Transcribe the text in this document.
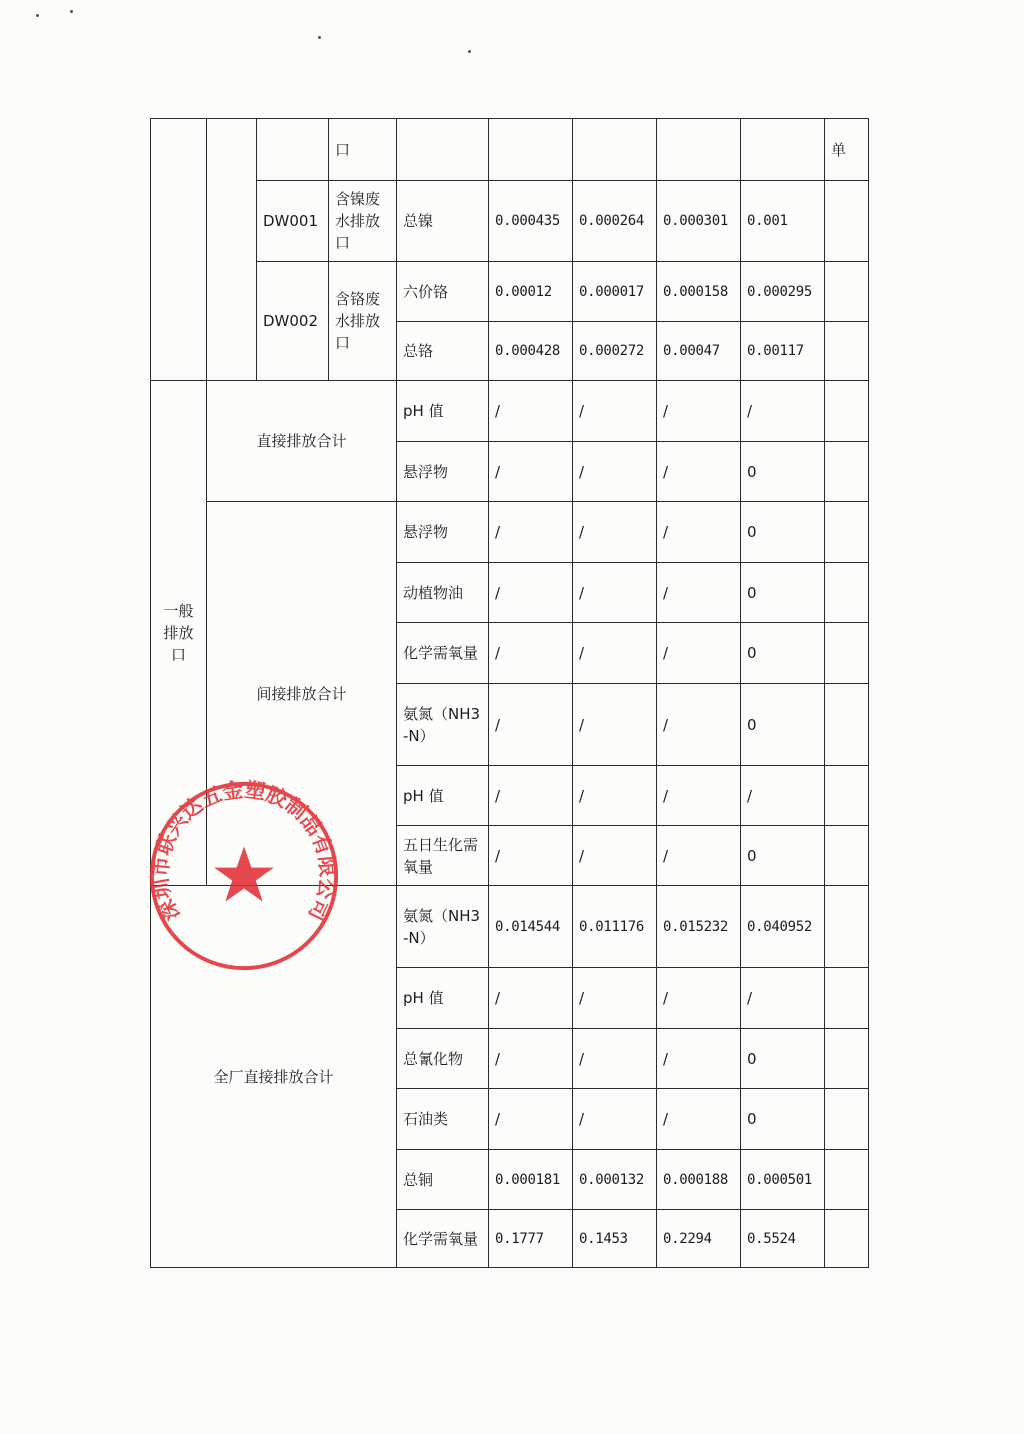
			口						单
		DW001	含镍废水排放口	总镍	0.000435	0.000264	0.000301	0.001	
		DW002	含铬废水排放口	六价铬	0.00012	0.000017	0.000158	0.000295	
				总铬	0.000428	0.000272	0.00047	0.00117	
一般排放口	直接排放合计			pH 值	/	/	/	/	
				悬浮物	/	/	/	0	
	间接排放合计			悬浮物	/	/	/	0	
				动植物油	/	/	/	0	
				化学需氧量	/	/	/	0	
				氨氮（NH3-N）	/	/	/	0	
				pH 值	/	/	/	/	
				五日生化需氧量	/	/	/	0	
全厂直接排放合计				氨氮（NH3-N）	0.014544	0.011176	0.015232	0.040952	
				pH 值	/	/	/	/	
				总氰化物	/	/	/	0	
				石油类	/	/	/	0	
				总铜	0.000181	0.000132	0.000188	0.000501	
				化学需氧量	0.1777	0.1453	0.2294	0.5524	
深圳市联兴达五金塑胶制品有限公司
